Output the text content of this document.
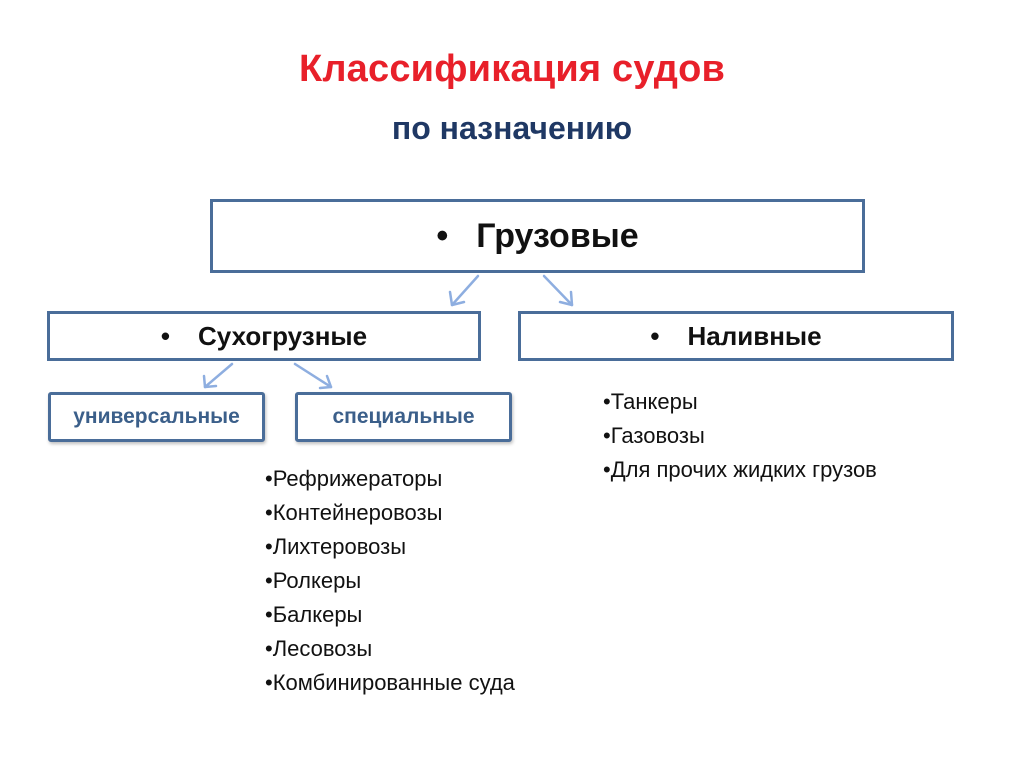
Классификация судов
по назначению
• Грузовые
• Сухогрузные	• Наливные
универсальные	специальные
•Танкеры
•Газовозы
•Для прочих жидких грузов
•Рефрижераторы
•Контейнеровозы
•Лихтеровозы
•Ролкеры
•Балкеры
•Лесовозы
•Комбинированные суда
